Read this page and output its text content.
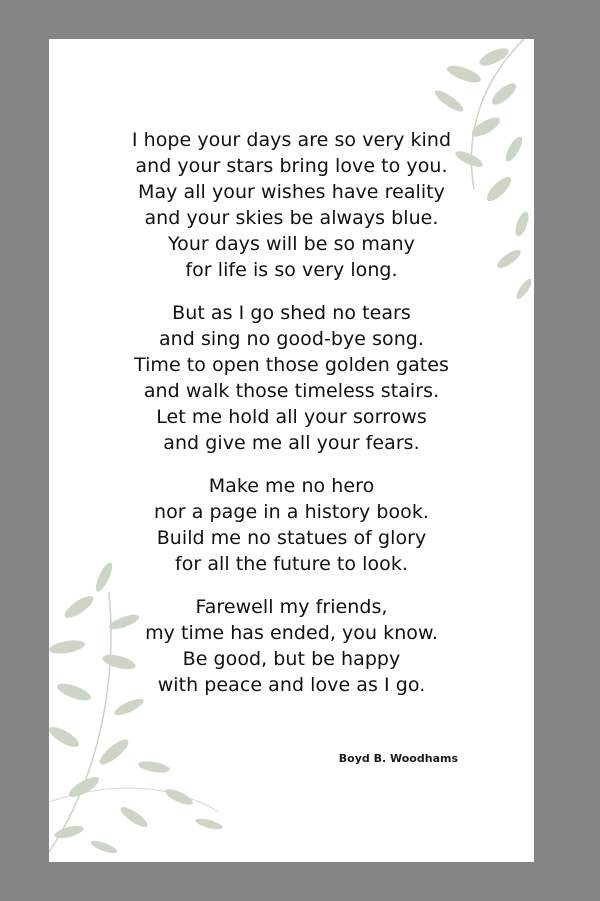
I hope your days are so very kind
and your stars bring love to you.
May all your wishes have reality
and your skies be always blue.
Your days will be so many
for life is so very long.
But as I go shed no tears
and sing no good-bye song.
Time to open those golden gates
and walk those timeless stairs.
Let me hold all your sorrows
and give me all your fears.
Make me no hero
nor a page in a history book.
Build me no statues of glory
for all the future to look.
Farewell my friends,
my time has ended, you know.
Be good, but be happy
with peace and love as I go.
Boyd B. Woodhams
